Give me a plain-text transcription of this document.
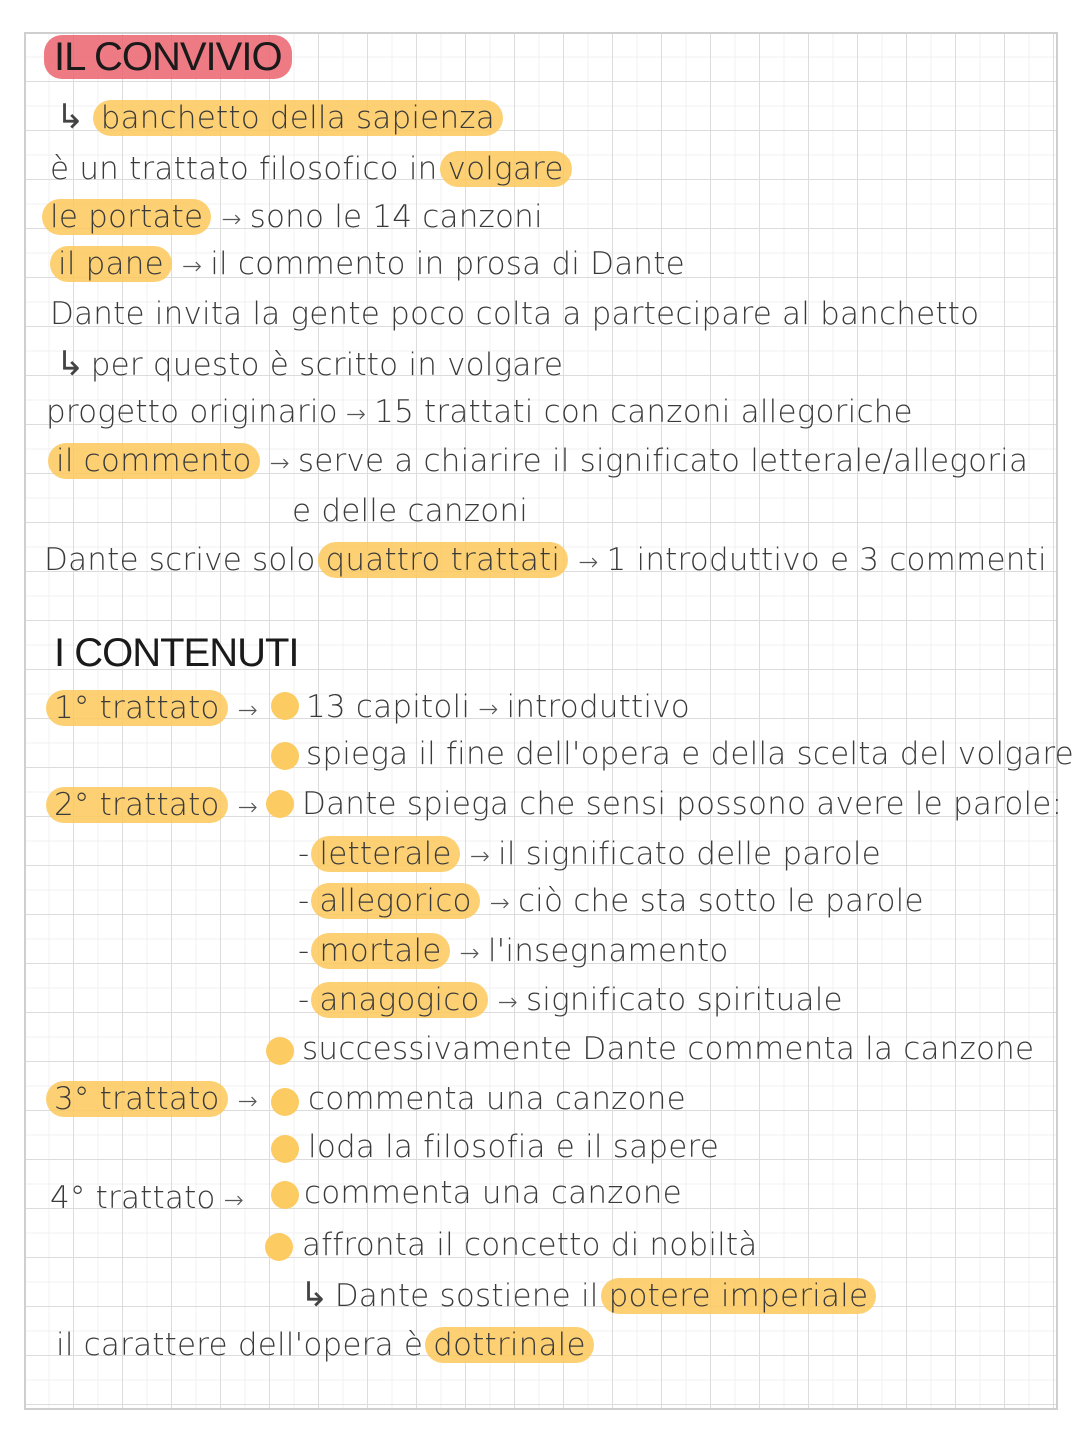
IL CONVIVIO
↳ banchetto della sapienza
è un trattato filosofico in volgare
le portate → sono le 14 canzoni
il pane → il commento in prosa di Dante
Dante invita la gente poco colta a partecipare al banchetto
↳ per questo è scritto in volgare
progetto originario → 15 trattati con canzoni allegoriche
il commento → serve a chiarire il significato letterale/allegoria
e delle canzoni
Dante scrive solo quattro trattati → 1 introduttivo e 3 commenti
I CONTENUTI
1° trattato →
2° trattato →
3° trattato →
4° trattato →
13 capitoli → introduttivo
spiega il fine dell'opera e della scelta del volgare
Dante spiega che sensi possono avere le parole:
- letterale → il significato delle parole
- allegorico → ciò che sta sotto le parole
- mortale → l'insegnamento
- anagogico → significato spirituale
successivamente Dante commenta la canzone
commenta una canzone
loda la filosofia e il sapere
commenta una canzone
affronta il concetto di nobiltà
↳ Dante sostiene il potere imperiale
il carattere dell'opera è dottrinale
